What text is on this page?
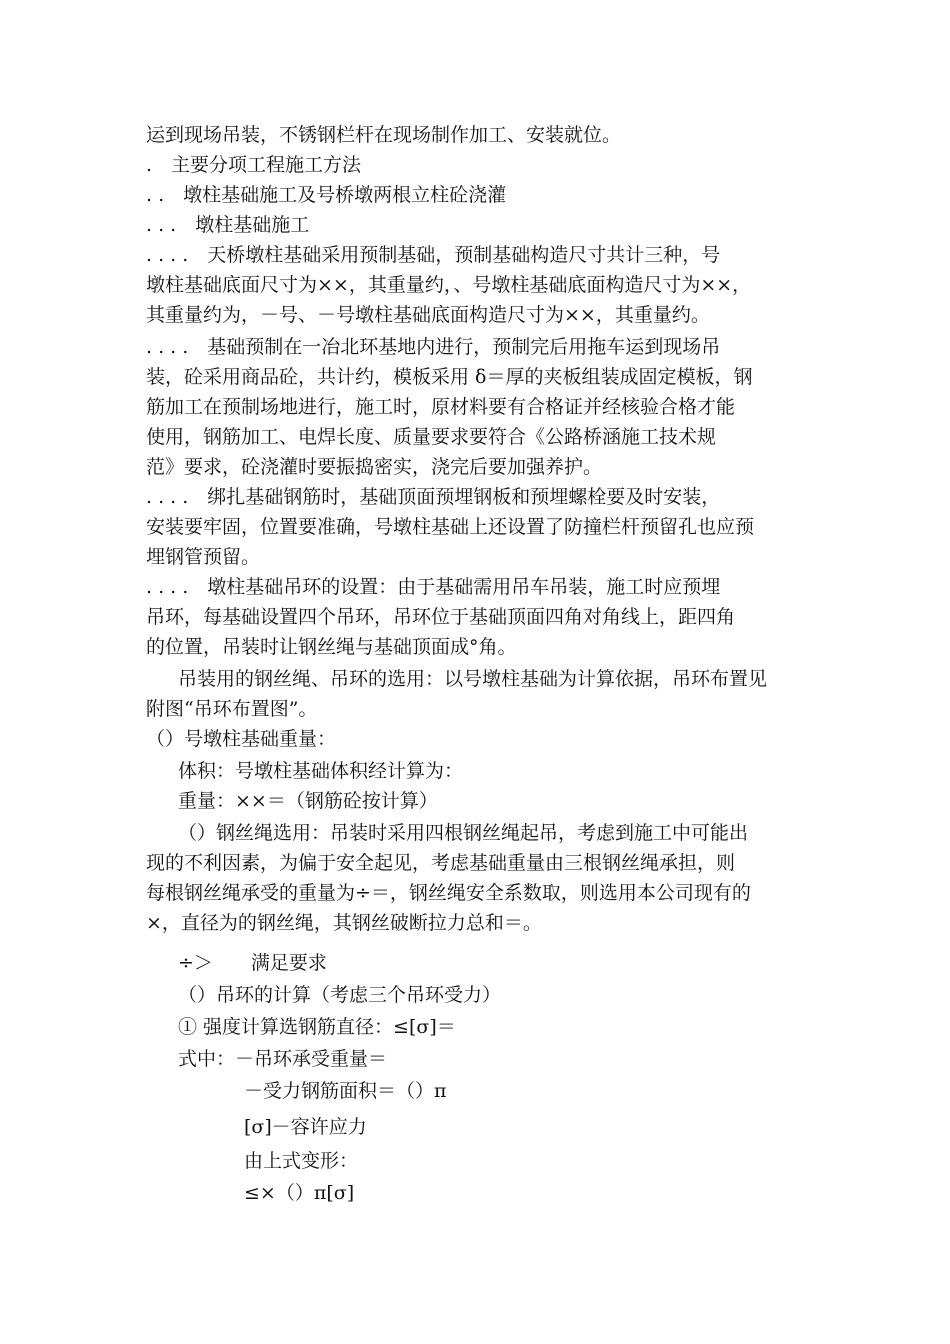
运到现场吊装，不锈钢栏杆在现场制作加工、安装就位。
.　主要分项工程施工方法
. .　墩柱基础施工及号桥墩两根立柱砼浇灌
. . .　墩柱基础施工
. . . .　天桥墩柱基础采用预制基础，预制基础构造尺寸共计三种，号
墩柱基础底面尺寸为××，其重量约，、号墩柱基础底面构造尺寸为××，
其重量约为，－号、－号墩柱基础底面构造尺寸为××，其重量约。
. . . .　基础预制在一冶北环基地内进行，预制完后用拖车运到现场吊
装，砼采用商品砼，共计约，模板采用 δ＝厚的夹板组装成固定模板，钢
筋加工在预制场地进行，施工时，原材料要有合格证并经核验合格才能
使用，钢筋加工、电焊长度、质量要求要符合《公路桥涵施工技术规
范》要求，砼浇灌时要振捣密实，浇完后要加强养护。
. . . .　绑扎基础钢筋时，基础顶面预埋钢板和预埋螺栓要及时安装，
安装要牢固，位置要准确，号墩柱基础上还设置了防撞栏杆预留孔也应预
埋钢管预留。
. . . .　墩柱基础吊环的设置：由于基础需用吊车吊装，施工时应预埋
吊环，每基础设置四个吊环，吊环位于基础顶面四角对角线上，距四角
的位置，吊装时让钢丝绳与基础顶面成°角。
吊装用的钢丝绳、吊环的选用：以号墩柱基础为计算依据，吊环布置见
附图“吊环布置图”。
（）号墩柱基础重量：
体积：号墩柱基础体积经计算为：
重量：××＝（钢筋砼按计算）
（）钢丝绳选用：吊装时采用四根钢丝绳起吊，考虑到施工中可能出
现的不利因素，为偏于安全起见，考虑基础重量由三根钢丝绳承担，则
每根钢丝绳承受的重量为÷＝，钢丝绳安全系数取，则选用本公司现有的
×，直径为的钢丝绳，其钢丝破断拉力总和＝。
÷＞　　满足要求
（）吊环的计算（考虑三个吊环受力）
① 强度计算选钢筋直径：≤[σ]＝
式中：－吊环承受重量＝
－受力钢筋面积＝（）π
[σ]－容许应力
由上式变形：
≤×（）π[σ]
